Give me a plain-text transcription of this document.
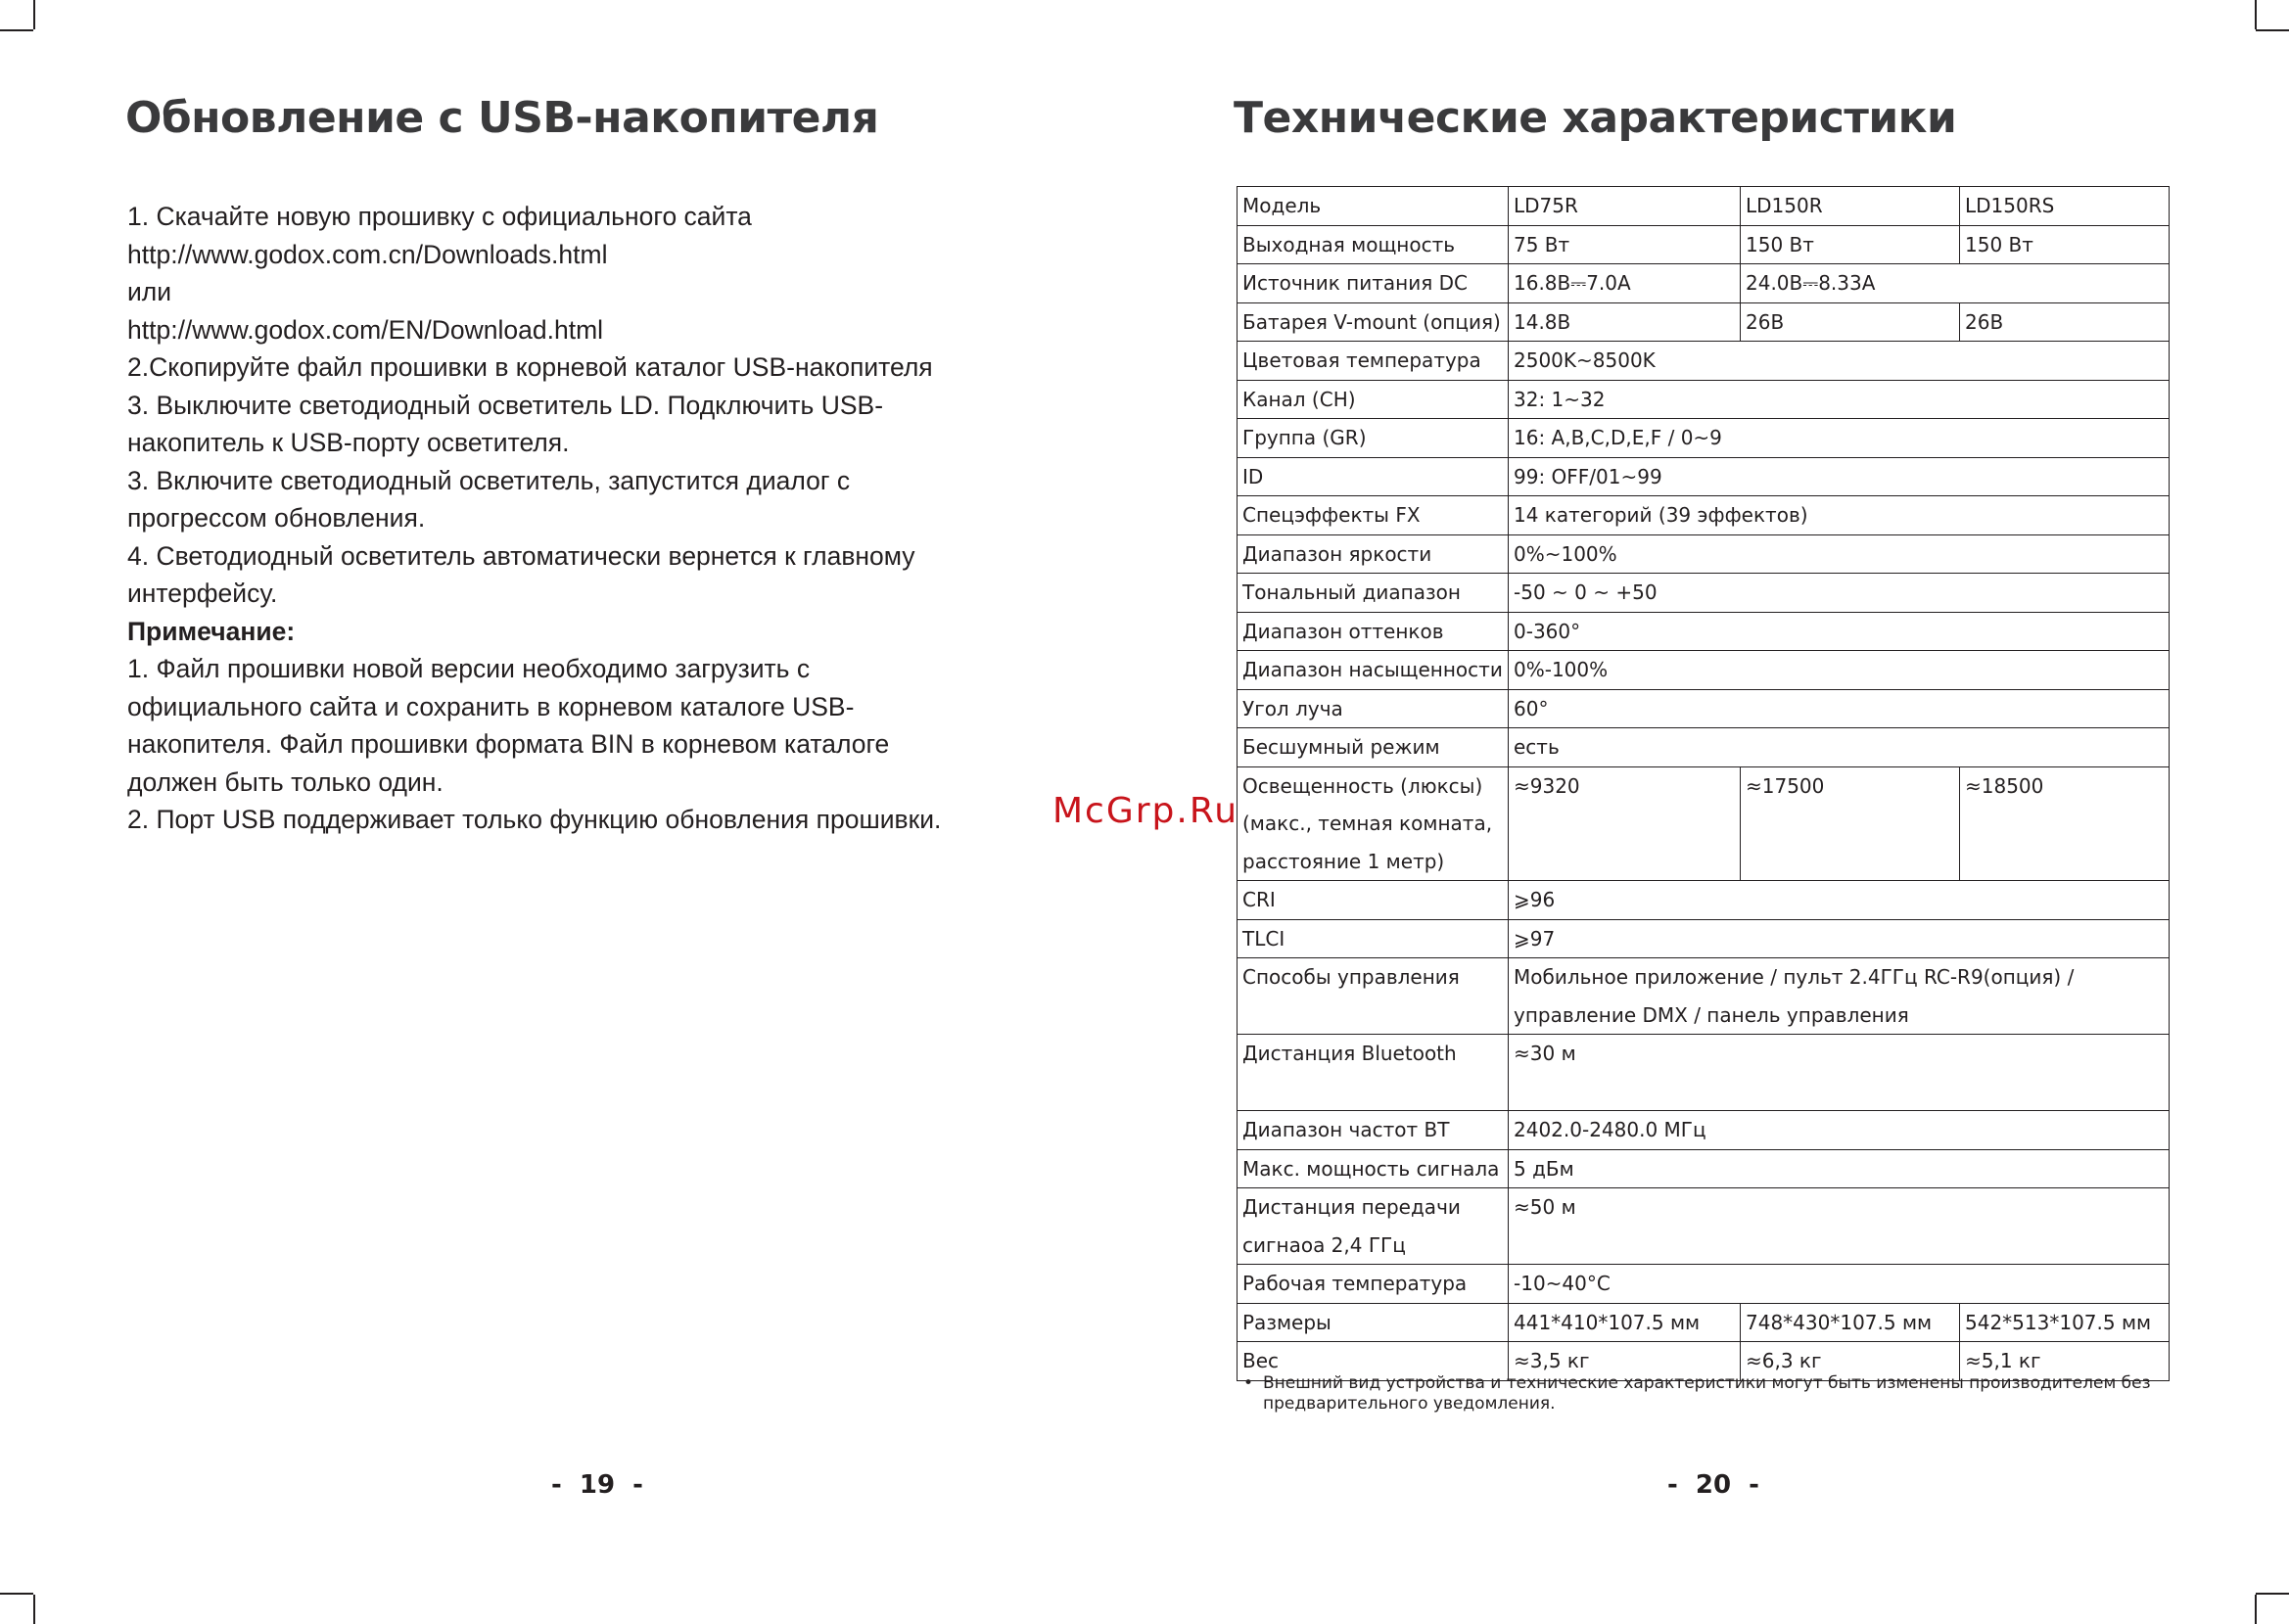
Обновление с USB-накопителя
1. Скачайте новую прошивку с официального сайта
http://www.godox.com.cn/Downloads.html
или
http://www.godox.com/EN/Download.html
2.Скопируйте файл прошивки в корневой каталог USB-накопителя
3. Выключите светодиодный осветитель LD. Подключить USB-
накопитель к USB-порту осветителя.
3. Включите светодиодный осветитель, запустится диалог с
прогрессом обновления.
4. Светодиодный осветитель автоматически вернется к главному
интерфейсу.
Примечание:
1. Файл прошивки новой версии необходимо загрузить с
официального сайта и сохранить в корневом каталоге USB-
накопителя. Файл прошивки формата BIN в корневом каталоге
должен быть только один.
2. Порт USB поддерживает только функцию обновления прошивки.
-  19  -
Технические характеристики
Модель	LD75R	LD150R	LD150RS
Выходная мощность	75 Вт	150 Вт	150 Вт
Источник питания DC	16.8В⎓7.0А	24.0В⎓8.33А	
Батарея V-mount (опция)	14.8В	26В	26В
Цветовая температура	2500K~8500K		
Канал (CH)	32: 1~32		
Группа (GR)	16: A,B,C,D,E,F / 0~9		
ID	99: OFF/01~99		
Спецэффекты FX	14 категорий (39 эффектов)		
Диапазон яркости	0%~100%		
Тональный диапазон	-50 ~ 0 ~ +50		
Диапазон оттенков	0-360°		
Диапазон насыщенности	0%-100%		
Угол луча	60°		
Бесшумный режим	есть		

Освещенность (люксы)
(макс., темная комната,
расстояние 1 метр)	≈9320	≈17500	≈18500
CRI	⩾96		
TLCI	⩾97		
Способы управления	Мобильное приложение / пульт 2.4ГГц RC-R9(опция) /
управление DMX / панель управления		

Дистанция Bluetooth	≈30 м		
Диапазон частот BT	2402.0-2480.0 МГц		
Макс. мощность сигнала	5 дБм		

Дистанция передачи
сигнаоа 2,4 ГГц	≈50 м		
Рабочая температура	-10~40°C		
Размеры	441*410*107.5 мм	748*430*107.5 мм	542*513*107.5 мм
Вес	≈3,5 кг	≈6,3 кг	≈5,1 кг
• Внешний вид устройства и технические характеристики могут быть изменены производителем без
предварительного уведомления.
-  20  -
McGrp.Ru
